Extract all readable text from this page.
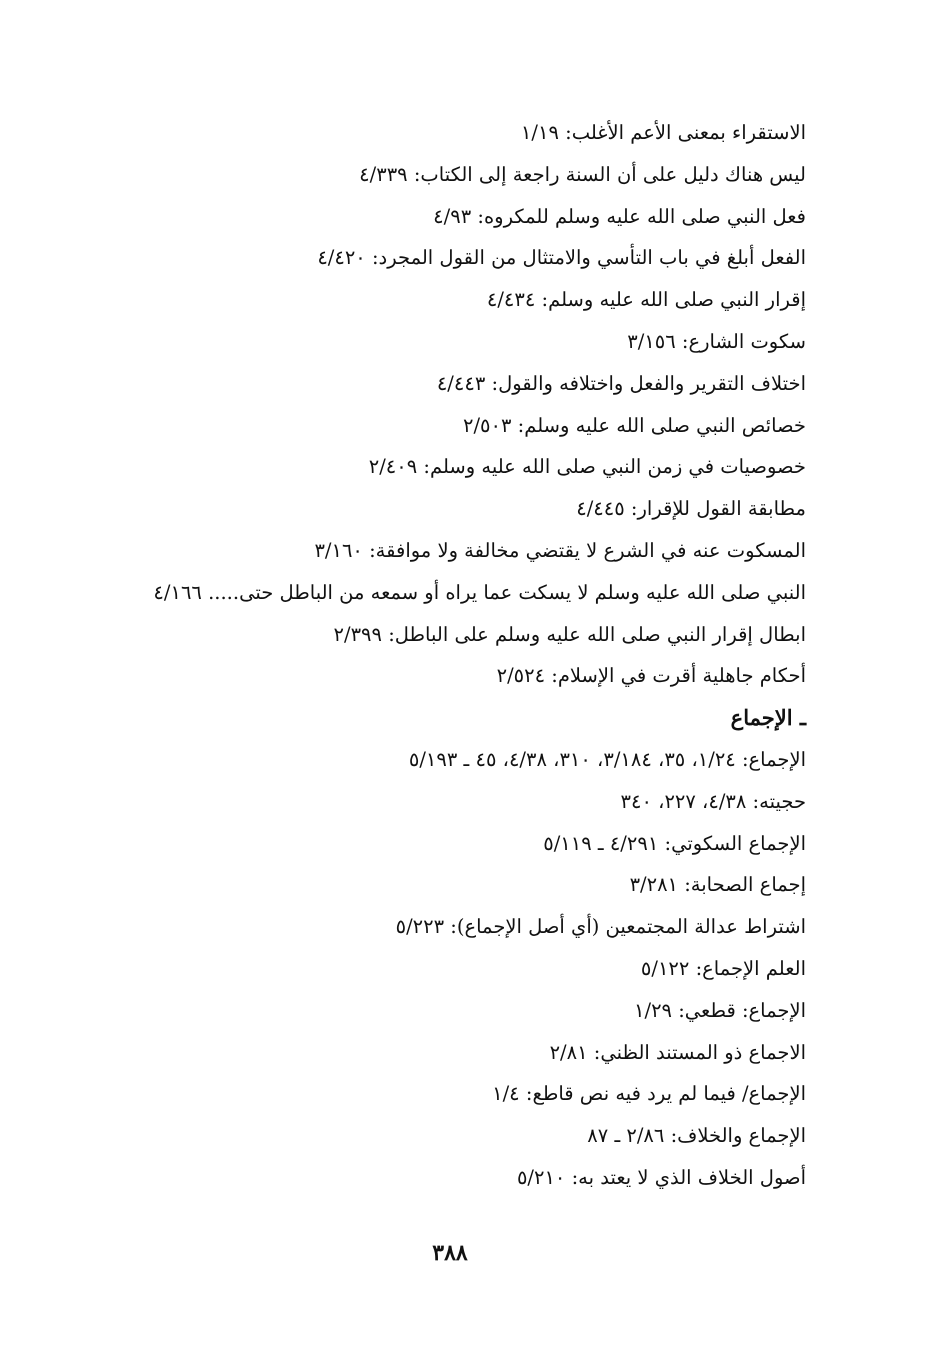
الاستقراء بمعنى الأعم الأغلب: ١/١٩
ليس هناك دليل على أن السنة راجعة إلى الكتاب: ٤/٣٣٩
فعل النبي صلى الله عليه وسلم للمكروه: ٤/٩٣
الفعل أبلغ في باب التأسي والامتثال من القول المجرد: ٤/٤٢٠
إقرار النبي صلى الله عليه وسلم: ٤/٤٣٤
سكوت الشارع: ٣/١٥٦
اختلاف التقرير والفعل واختلافه والقول: ٤/٤٤٣
خصائص النبي صلى الله عليه وسلم: ٢/٥٠٣
خصوصيات في زمن النبي صلى الله عليه وسلم: ٢/٤٠٩
مطابقة القول للإقرار: ٤/٤٤٥
المسكوت عنه في الشرع لا يقتضي مخالفة ولا موافقة: ٣/١٦٠
النبي صلى الله عليه وسلم لا يسكت عما يراه أو سمعه من الباطل حتى..... ٤/١٦٦
ابطال إقرار النبي صلى الله عليه وسلم على الباطل: ٢/٣٩٩
أحكام جاهلية أقرت في الإسلام: ٢/٥٢٤
ـ الإجماع
الإجماع: ١/٢٤، ٣٥، ٣/١٨٤، ٣١٠، ٤/٣٨، ٤٥ ـ ٥/١٩٣
حجيته: ٤/٣٨، ٢٢٧، ٣٤٠
الإجماع السكوتي: ٤/٢٩١ ـ ٥/١١٩
إجماع الصحابة: ٣/٢٨١
اشتراط عدالة المجتمعين (أي أصل الإجماع): ٥/٢٢٣
العلم الإجماع: ٥/١٢٢
الإجماع: قطعي: ١/٢٩
الاجماع ذو المستند الظني: ٢/٨١
الإجماع/ فيما لم يرد فيه نص قاطع: ١/٤
الإجماع والخلاف: ٢/٨٦ ـ ٨٧
أصول الخلاف الذي لا يعتد به: ٥/٢١٠
٣٨٨
